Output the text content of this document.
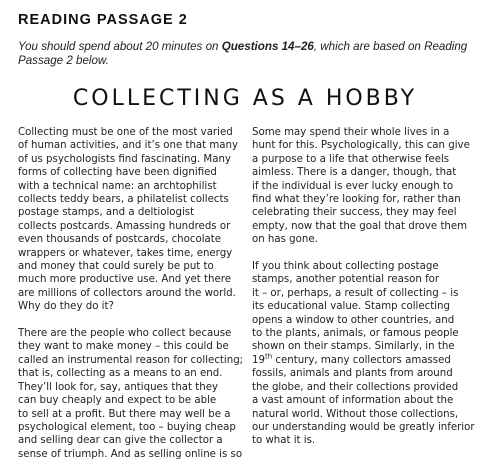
READING PASSAGE 2
You should spend about 20 minutes on Questions 14–26, which are based on Reading Passage 2 below.
COLLECTING AS A HOBBY

Collecting must be one of the most varied
of human activities, and it’s one that many
of us psychologists find fascinating. Many
forms of collecting have been dignified
with a technical name: an archtophilist
collects teddy bears, a philatelist collects
postage stamps, and a deltiologist
collects postcards. Amassing hundreds or
even thousands of postcards, chocolate
wrappers or whatever, takes time, energy
and money that could surely be put to
much more productive use. And yet there
are millions of collectors around the world.
Why do they do it?

There are the people who collect because
they want to make money – this could be
called an instrumental reason for collecting;
that is, collecting as a means to an end.
They’ll look for, say, antiques that they
can buy cheaply and expect to be able
to sell at a profit. But there may well be a
psychological element, too – buying cheap
and selling dear can give the collector a
sense of triumph. And as selling online is so

Some may spend their whole lives in a
hunt for this. Psychologically, this can give
a purpose to a life that otherwise feels
aimless. There is a danger, though, that
if the individual is ever lucky enough to
find what they’re looking for, rather than
celebrating their success, they may feel
empty, now that the goal that drove them
on has gone.

If you think about collecting postage
stamps, another potential reason for
it – or, perhaps, a result of collecting – is
its educational value. Stamp collecting
opens a window to other countries, and
to the plants, animals, or famous people
shown on their stamps. Similarly, in the
19th century, many collectors amassed
fossils, animals and plants from around
the globe, and their collections provided
a vast amount of information about the
natural world. Without those collections,
our understanding would be greatly inferior
to what it is.
